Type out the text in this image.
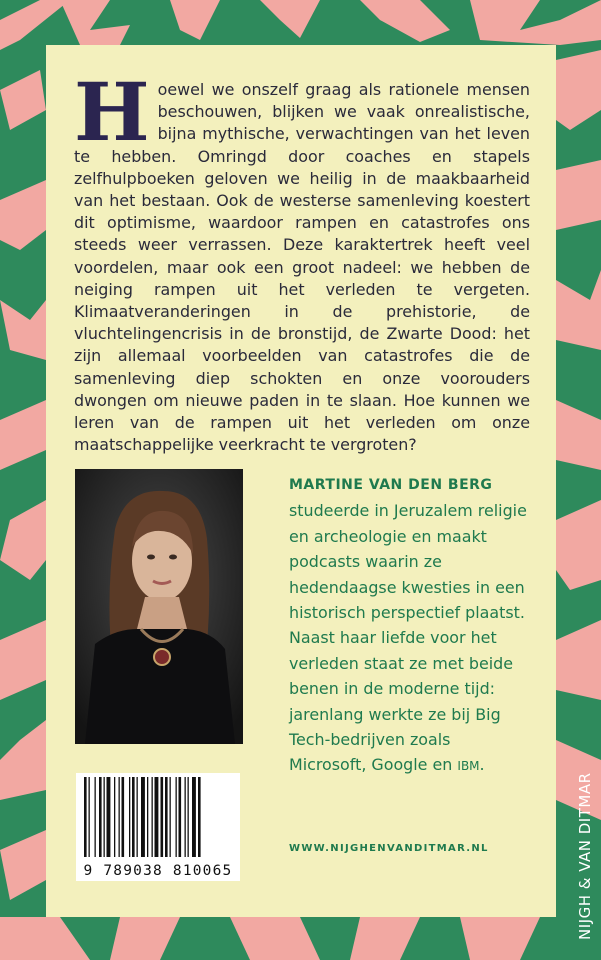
Hoewel we onszelf graag als rationele mensen beschouwen, blijken we vaak onrealistische, bijna mythische, verwachtingen van het leven te hebben. Omringd door coaches en stapels zelfhulpboeken geloven we heilig in de maakbaarheid van het bestaan. Ook de westerse samenleving koestert dit optimisme, waardoor rampen en catastrofes ons steeds weer verrassen. Deze karaktertrek heeft veel voordelen, maar ook een groot nadeel: we hebben de neiging rampen uit het verleden te vergeten. Klimaatveranderingen in de prehistorie, de vluchtelingencrisis in de bronstijd, de Zwarte Dood: het zijn allemaal voorbeelden van catastrofes die de samenleving diep schokten en onze voorouders dwongen om nieuwe paden in te slaan. Hoe kunnen we leren van de rampen uit het verleden om onze maatschappelijke veerkracht te vergroten?
MARTINE VAN DEN BERG studeerde in Jeruzalem religie en archeologie en maakt podcasts waarin ze hedendaagse kwesties in een historisch perspectief plaatst. Naast haar liefde voor het verleden staat ze met beide benen in de moderne tijd: jarenlang werkte ze bij Big Tech-bedrijven zoals Microsoft, Google en IBM.
9 789038 810065
WWW.NIJGHENVANDITMAR.NL	NIJGH & VAN DITMAR
